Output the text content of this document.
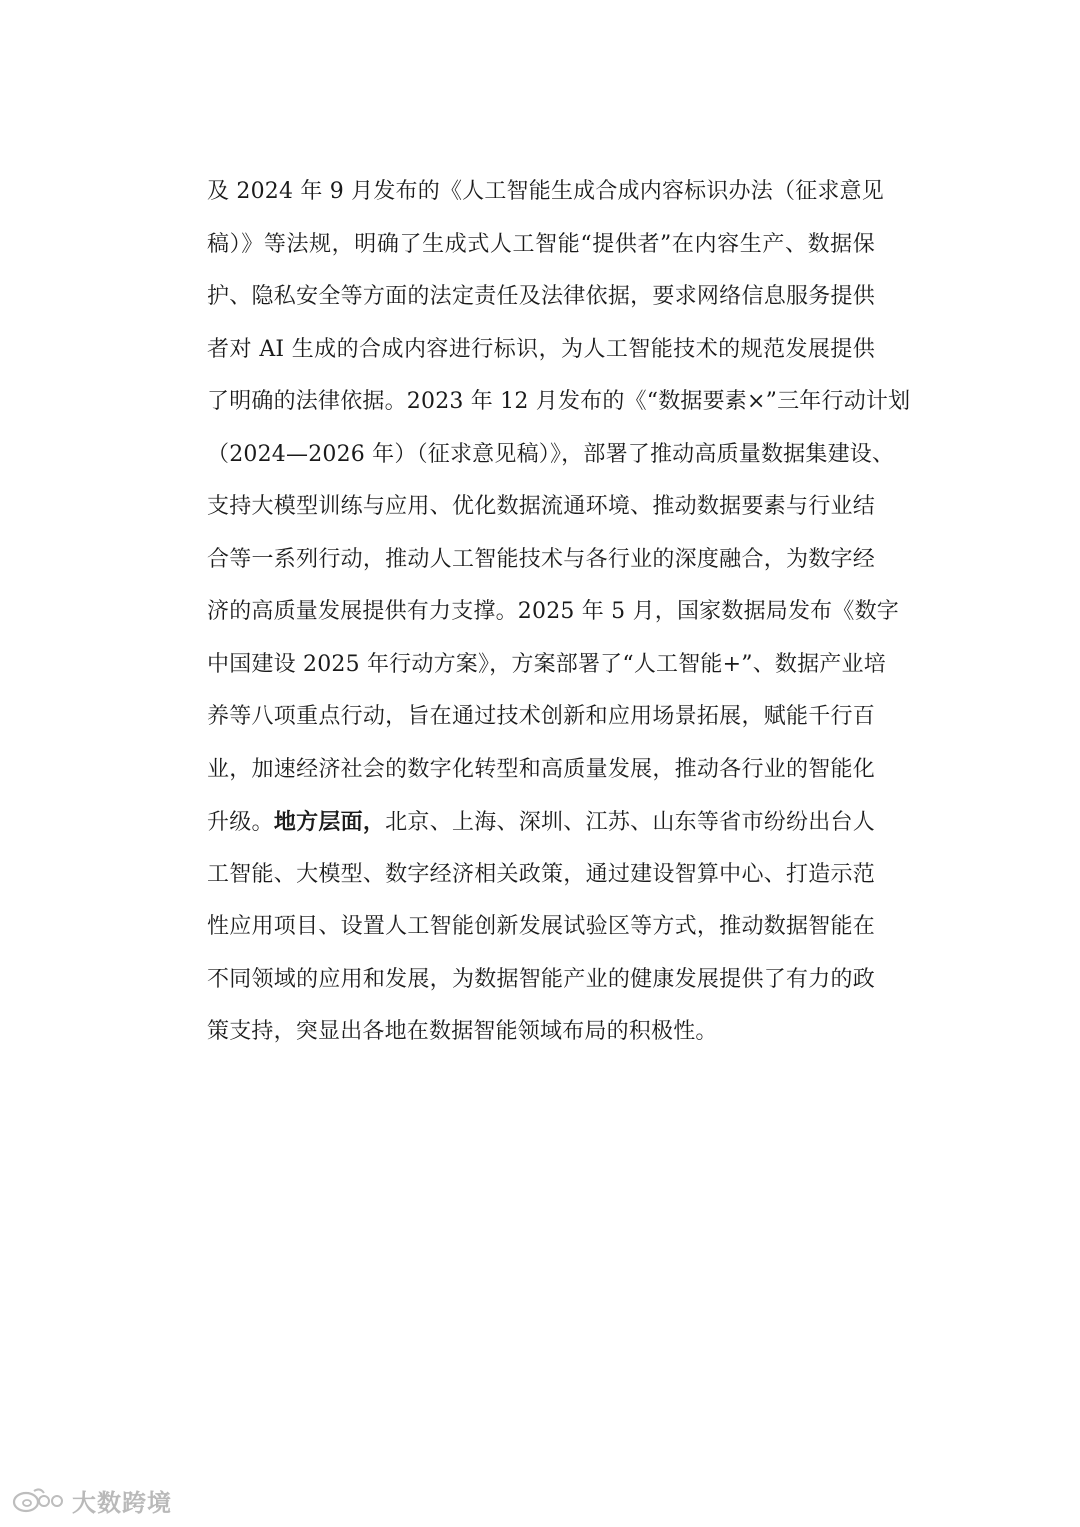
及 2024 年 9 月发布的《人工智能生成合成内容标识办法（征求意见
稿）》等法规，明确了生成式人工智能“提供者”在内容生产、数据保
护、隐私安全等方面的法定责任及法律依据，要求网络信息服务提供
者对 AI 生成的合成内容进行标识，为人工智能技术的规范发展提供
了明确的法律依据。2023 年 12 月发布的《“数据要素×”三年行动计划
（2024—2026 年）（征求意见稿）》，部署了推动高质量数据集建设、
支持大模型训练与应用、优化数据流通环境、推动数据要素与行业结
合等一系列行动，推动人工智能技术与各行业的深度融合，为数字经
济的高质量发展提供有力支撑。2025 年 5 月，国家数据局发布《数字
中国建设 2025 年行动方案》，方案部署了“人工智能+”、数据产业培
养等八项重点行动，旨在通过技术创新和应用场景拓展，赋能千行百
业，加速经济社会的数字化转型和高质量发展，推动各行业的智能化
升级。地方层面，北京、上海、深圳、江苏、山东等省市纷纷出台人
工智能、大模型、数字经济相关政策，通过建设智算中心、打造示范
性应用项目、设置人工智能创新发展试验区等方式，推动数据智能在
不同领域的应用和发展，为数据智能产业的健康发展提供了有力的政
策支持，突显出各地在数据智能领域布局的积极性。
大数跨境
